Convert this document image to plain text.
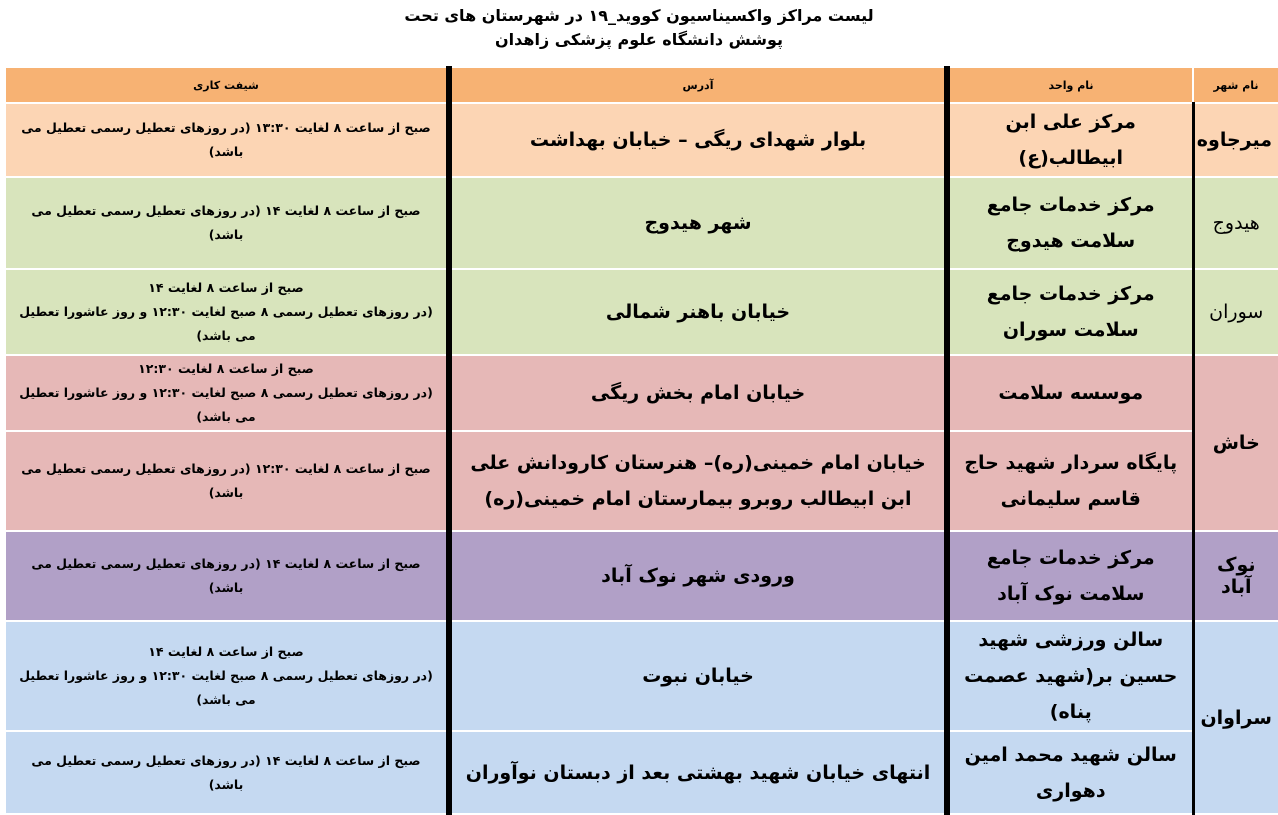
لیست مراکز واکسیناسیون کووید_۱۹ در شهرستان های تحت
پوشش دانشگاه علوم پزشکی زاهدان
نام شهر	نام واحد	آدرس	شیفت کاری
میرجاوه	مرکز علی ابن ابیطالب(ع)	بلوار شهدای ریگی – خیابان بهداشت	صبح از ساعت ۸ لغایت ۱۳:۳۰ (در روزهای تعطیل رسمی تعطیل می باشد)

هیدوج	مرکز خدمات جامع سلامت هیدوج	شهر هیدوج	صبح از ساعت ۸ لغایت ۱۴ (در روزهای تعطیل رسمی تعطیل می باشد)

سوران	مرکز خدمات جامع سلامت سوران	خیابان باهنر شمالی	صبح از ساعت ۸ لغایت ۱۴
(در روزهای تعطیل رسمی ۸ صبح لغایت ۱۲:۳۰ و روز عاشورا تعطیل می باشد)

خاش	موسسه سلامت	خیابان امام بخش ریگی	صبح از ساعت ۸ لغایت ۱۲:۳۰
(در روزهای تعطیل رسمی ۸ صبح لغایت ۱۲:۳۰ و روز عاشورا تعطیل می باشد)

	پایگاه سردار شهید حاج قاسم سلیمانی	خیابان امام خمینی(ره)– هنرستان کارودانش علی ابن ابیطالب روبرو بیمارستان امام خمینی(ره)	صبح از ساعت ۸ لغایت ۱۲:۳۰ (در روزهای تعطیل رسمی تعطیل می باشد)

نوک آباد	مرکز خدمات جامع سلامت نوک آباد	ورودی شهر نوک آباد	صبح از ساعت ۸ لغایت ۱۴ (در روزهای تعطیل رسمی تعطیل می باشد)

سراوان	سالن ورزشی شهید حسین بر(شهید عصمت پناه)	خیابان نبوت	صبح از ساعت ۸ لغایت ۱۴
(در روزهای تعطیل رسمی ۸ صبح لغایت ۱۲:۳۰ و روز عاشورا تعطیل می باشد)

	سالن شهید محمد امین دهواری	انتهای خیابان شهید بهشتی بعد از دبستان نوآوران	صبح از ساعت ۸ لغایت ۱۴ (در روزهای تعطیل رسمی تعطیل می باشد)
